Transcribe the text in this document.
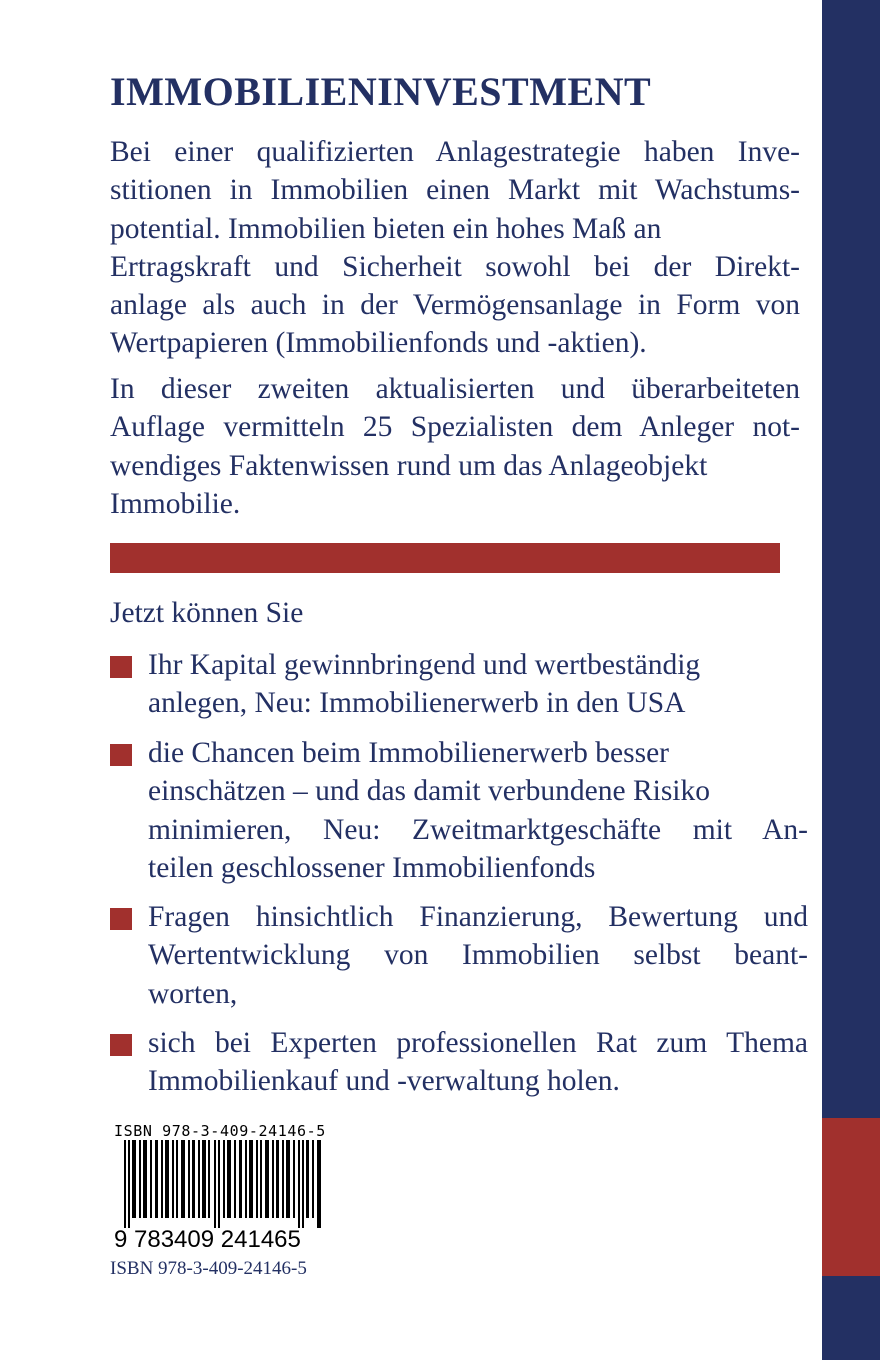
IMMOBILIENINVESTMENT
Bei einer qualifizierten Anlagestrategie haben Inve-
stitionen in Immobilien einen Markt mit Wachstums-
potential. Immobilien bieten ein hohes Maß an
Ertragskraft und Sicherheit sowohl bei der Direkt-
anlage als auch in der Vermögensanlage in Form von
Wertpapieren (Immobilienfonds und -aktien).
In dieser zweiten aktualisierten und überarbeiteten
Auflage vermitteln 25 Spezialisten dem Anleger not-
wendiges Faktenwissen rund um das Anlageobjekt
Immobilie.
Jetzt können Sie
Ihr Kapital gewinnbringend und wertbeständig
anlegen, Neu: Immobilienerwerb in den USA
die Chancen beim Immobilienerwerb besser
einschätzen – und das damit verbundene Risiko
minimieren, Neu: Zweitmarktgeschäfte mit An-
teilen geschlossener Immobilienfonds
Fragen hinsichtlich Finanzierung, Bewertung und
Wertentwicklung von Immobilien selbst beant-
worten,
sich bei Experten professionellen Rat zum Thema
Immobilienkauf und -verwaltung holen.
ISBN 978-3-409-24146-5
9 783409 241465
ISBN 978-3-409-24146-5
